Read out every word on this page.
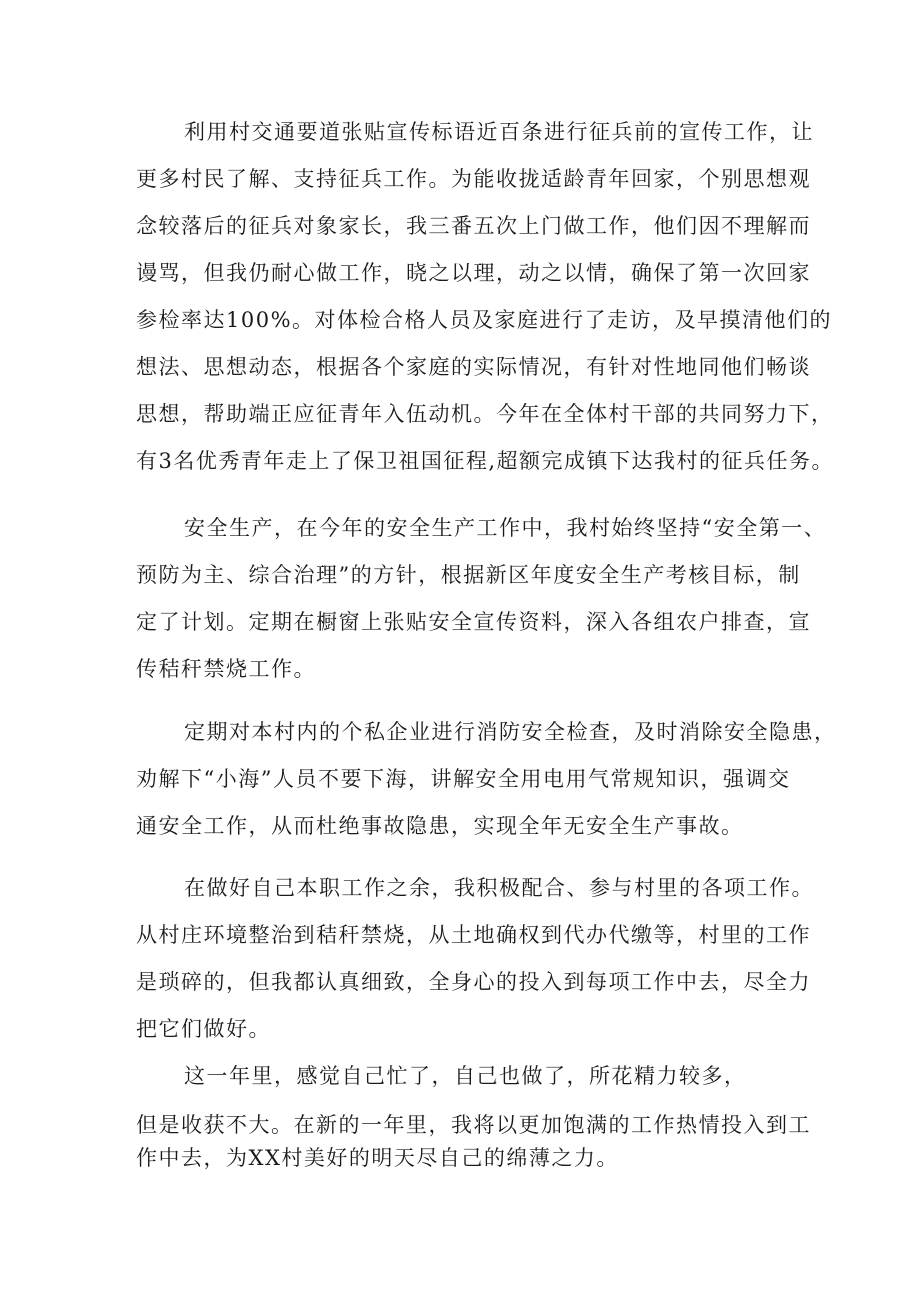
利用村交通要道张贴宣传标语近百条进行征兵前的宣传工作，让
更多村民了解、支持征兵工作。为能收拢适龄青年回家，个别思想观
念较落后的征兵对象家长，我三番五次上门做工作，他们因不理解而
谩骂，但我仍耐心做工作，晓之以理，动之以情，确保了第一次回家
参检率达100%。对体检合格人员及家庭进行了走访，及早摸清他们的
想法、思想动态，根据各个家庭的实际情况，有针对性地同他们畅谈
思想，帮助端正应征青年入伍动机。今年在全体村干部的共同努力下，
有3名优秀青年走上了保卫祖国征程,超额完成镇下达我村的征兵任务。
安全生产，在今年的安全生产工作中，我村始终坚持“安全第一、
预防为主、综合治理”的方针，根据新区年度安全生产考核目标，制
定了计划。定期在橱窗上张贴安全宣传资料，深入各组农户排查，宣
传秸秆禁烧工作。
定期对本村内的个私企业进行消防安全检查，及时消除安全隐患，
劝解下“小海”人员不要下海，讲解安全用电用气常规知识，强调交
通安全工作，从而杜绝事故隐患，实现全年无安全生产事故。
在做好自己本职工作之余，我积极配合、参与村里的各项工作。
从村庄环境整治到秸秆禁烧，从土地确权到代办代缴等，村里的工作
是琐碎的，但我都认真细致，全身心的投入到每项工作中去，尽全力
把它们做好。
这一年里，感觉自己忙了，自己也做了，所花精力较多，
但是收获不大。在新的一年里，我将以更加饱满的工作热情投入到工
作中去，为XX村美好的明天尽自己的绵薄之力。
